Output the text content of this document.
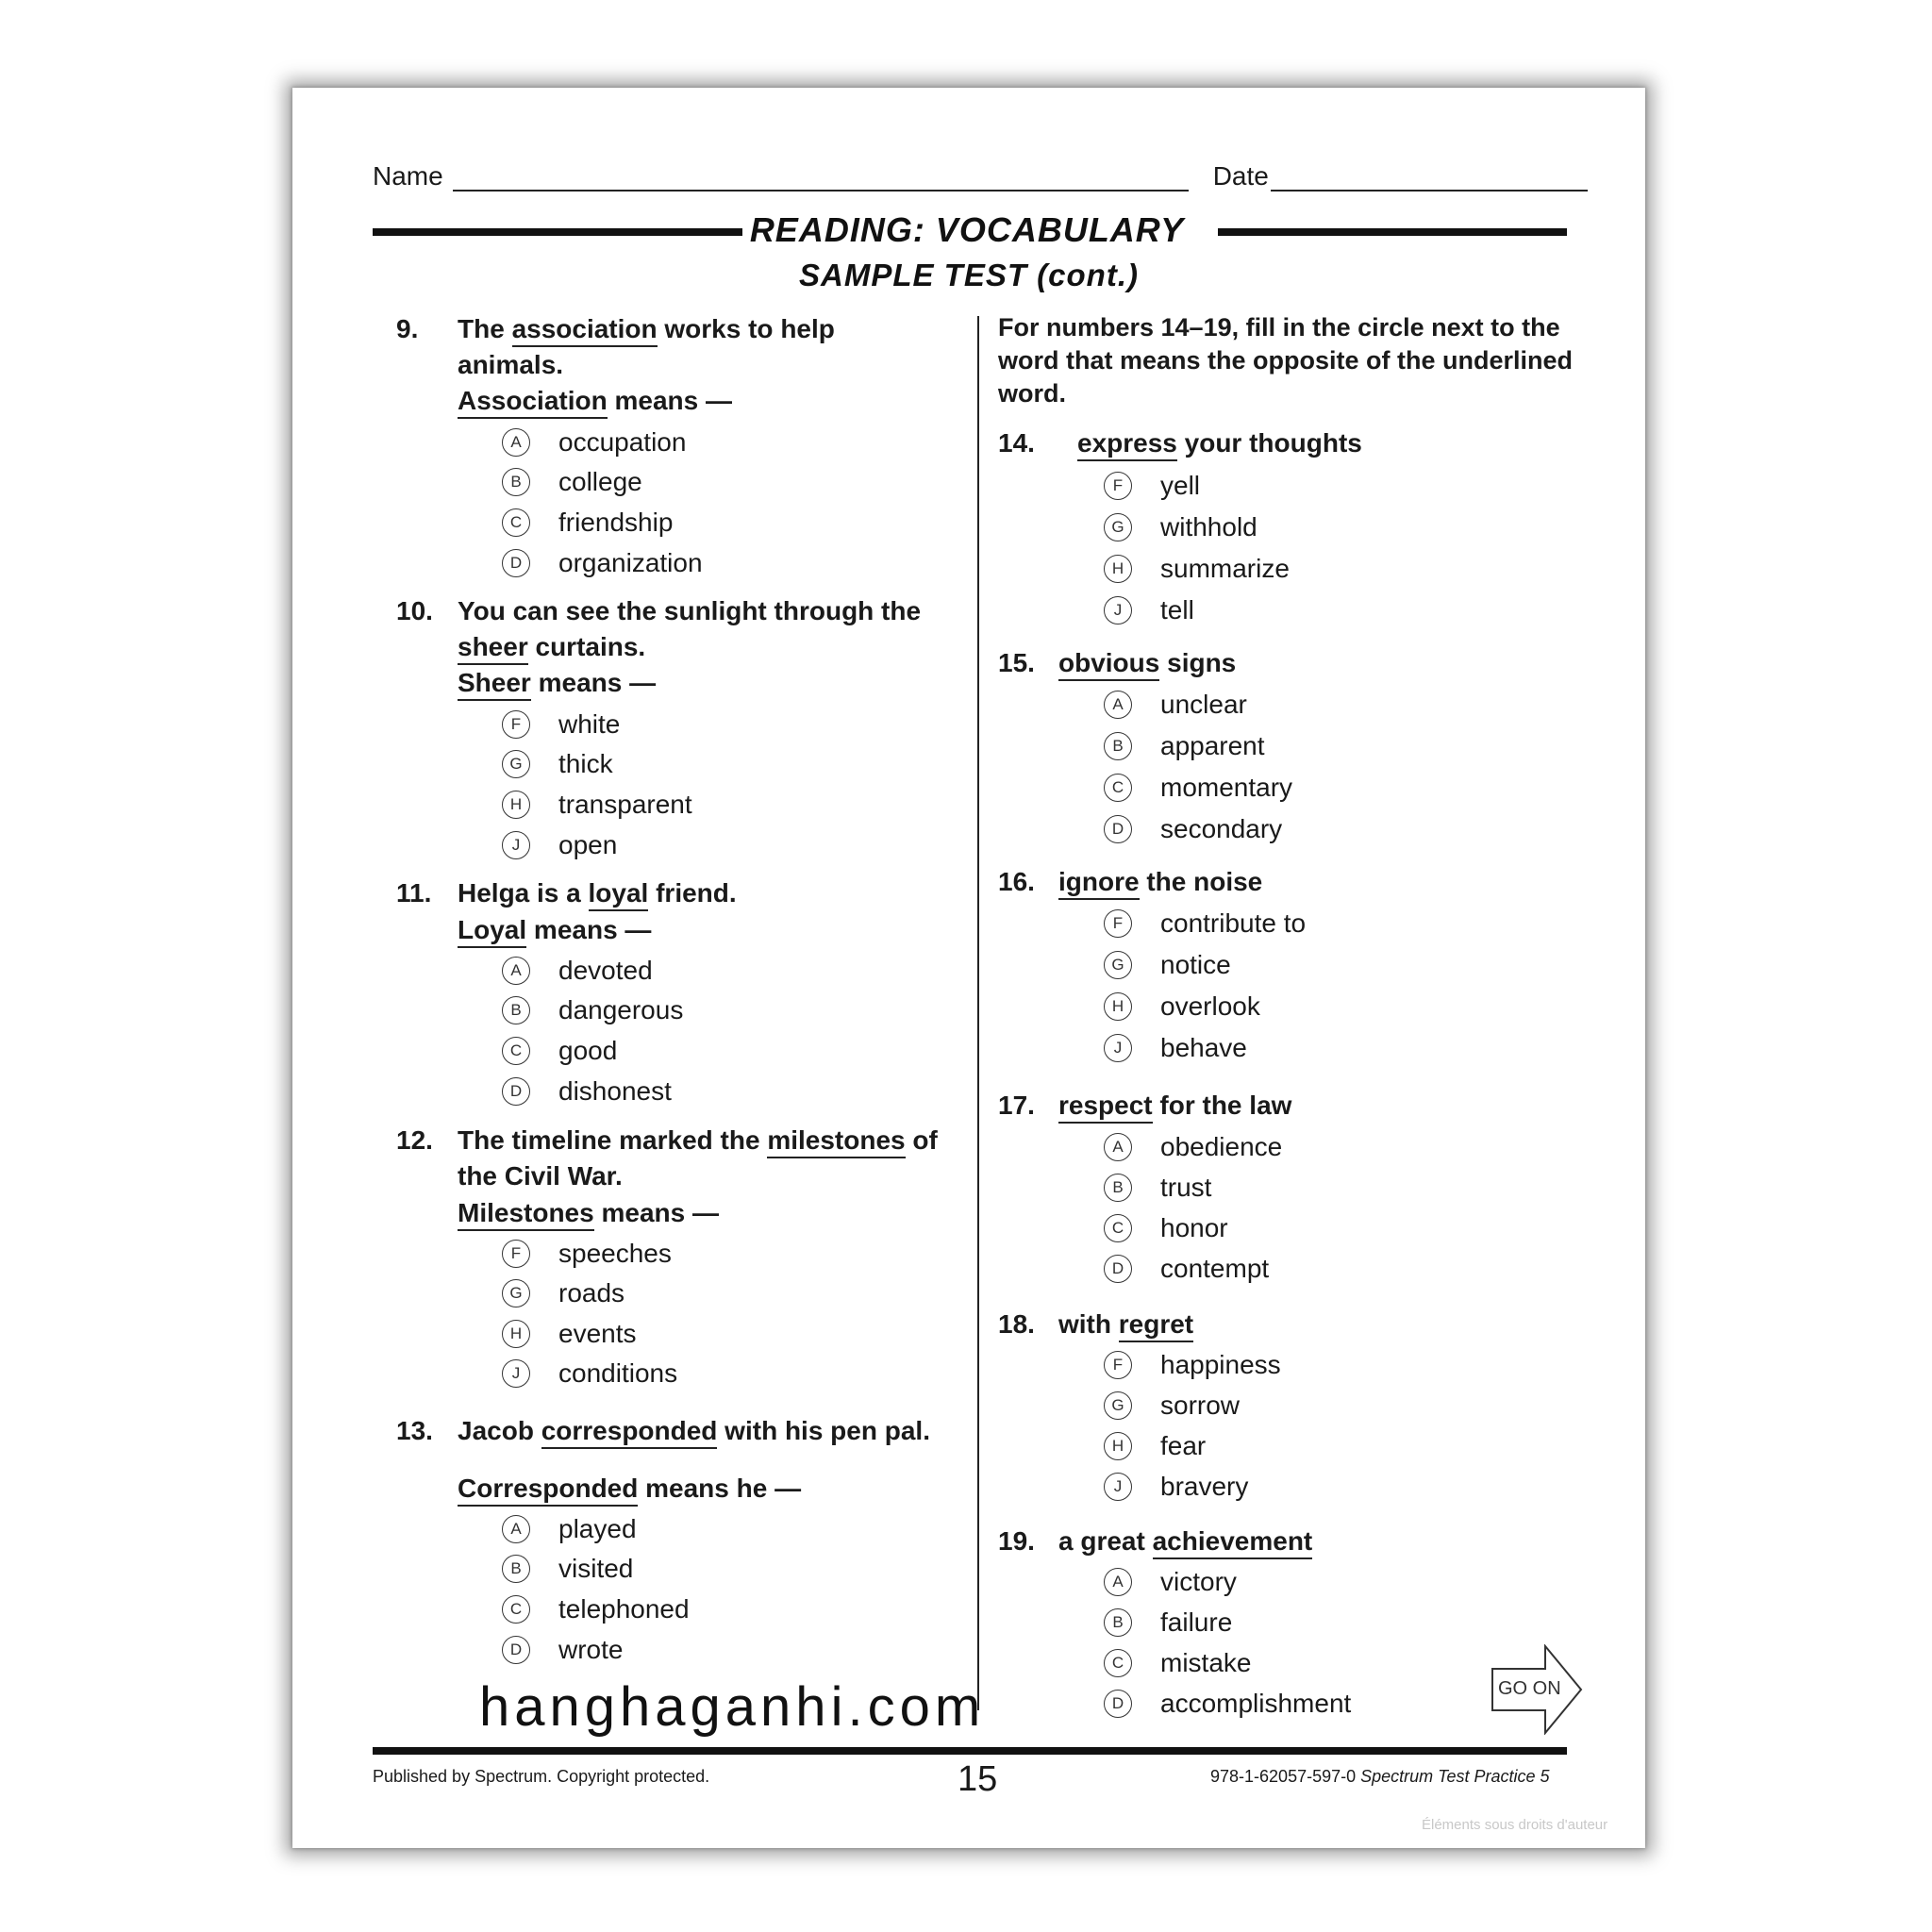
Name	Date
READING: VOCABULARY
SAMPLE TEST (cont.)
9. The association works to help
animals.
Association means —
A	occupation
B	college
C	friendship
D	organization
10. You can see the sunlight through the
sheer curtains.
Sheer means —
F	white
G thick
H	transparent
J	open
11. Helga is a loyal friend.
Loyal means —
A	devoted
B	dangerous
C	good
D	dishonest
12. The timeline marked the milestones of
the Civil War.
Milestones means —
F	speeches
G roads
H	events
J	conditions
13. Jacob corresponded with his pen pal.
Corresponded means he —
A	played
B	visited
C	telephoned
D	wrote
For numbers 14–19, fill in the circle next to the word that means the opposite of the underlined word.
14. express your thoughts
F	yell
G withhold
H	summarize
J	tell
15. obvious signs
A	unclear
B	apparent
C	momentary
D	secondary
16. ignore the noise
F	contribute to
G notice
H	overlook
J	behave
17. respect for the law
A	obedience
B	trust
C	honor
D	contempt
18. with regret
F	happiness
G sorrow
H	fear
J	bravery
19. a great achievement
A	victory
B	failure
C	mistake
D	accomplishment	GO ON
hanghaganhi.com
Published by Spectrum. Copyright protected.	15	978-1-62057-597-0 Spectrum Test Practice 5
Éléments sous droits d'auteur
